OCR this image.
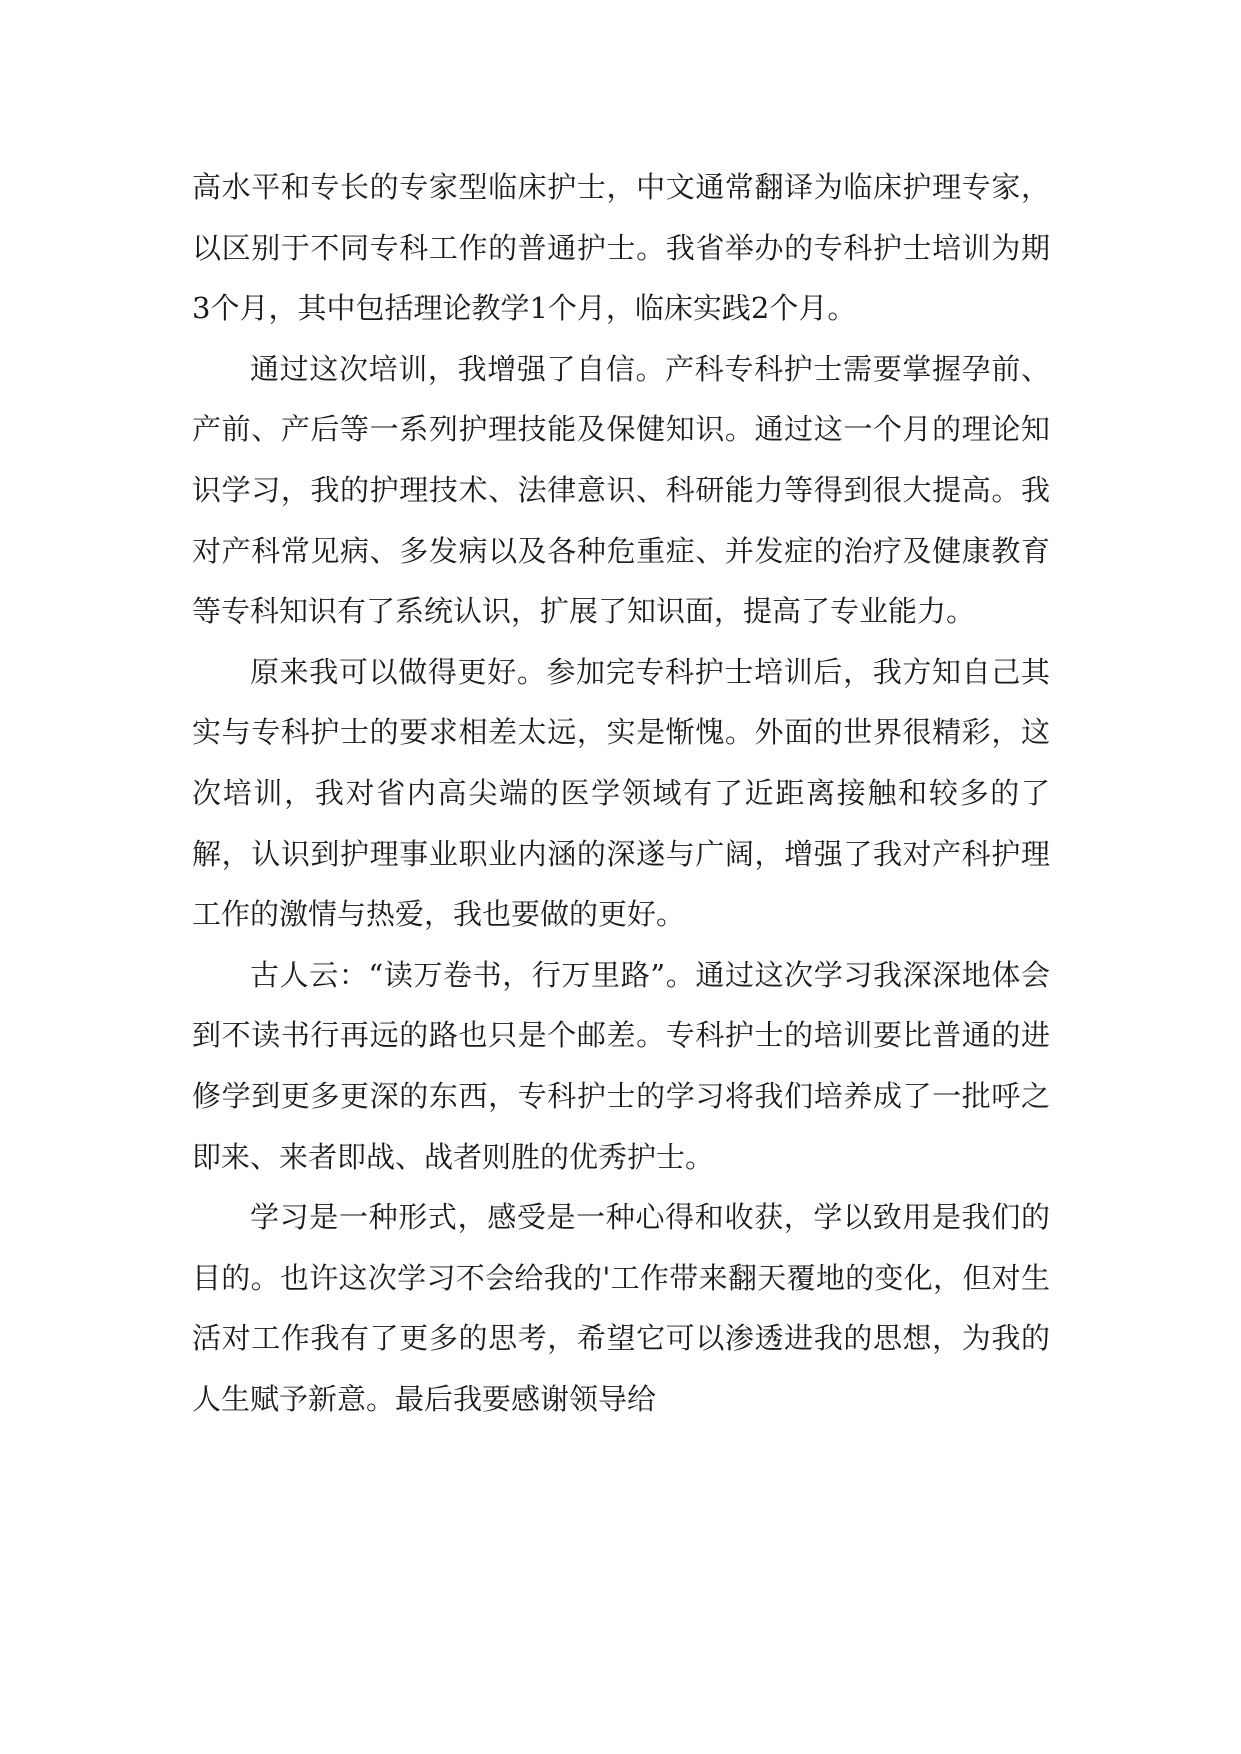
高水平和专长的专家型临床护士，中文通常翻译为临床护理专家，以区别于不同专科工作的普通护士。我省举办的专科护士培训为期3个月，其中包括理论教学1个月，临床实践2个月。

通过这次培训，我增强了自信。产科专科护士需要掌握孕前、产前、产后等一系列护理技能及保健知识。通过这一个月的理论知识学习，我的护理技术、法律意识、科研能力等得到很大提高。我对产科常见病、多发病以及各种危重症、并发症的治疗及健康教育等专科知识有了系统认识，扩展了知识面，提高了专业能力。

原来我可以做得更好。参加完专科护士培训后，我方知自己其实与专科护士的要求相差太远，实是惭愧。外面的世界很精彩，这次培训，我对省内高尖端的医学领域有了近距离接触和较多的了解，认识到护理事业职业内涵的深遂与广阔，增强了我对产科护理工作的激情与热爱，我也要做的更好。

古人云：“读万卷书，行万里路”。通过这次学习我深深地体会到不读书行再远的路也只是个邮差。专科护士的培训要比普通的进修学到更多更深的东西，专科护士的学习将我们培养成了一批呼之即来、来者即战、战者则胜的优秀护士。

学习是一种形式，感受是一种心得和收获，学以致用是我们的目的。也许这次学习不会给我的'工作带来翻天覆地的变化，但对生活对工作我有了更多的思考，希望它可以渗透进我的思想，为我的人生赋予新意。最后我要感谢领导给
